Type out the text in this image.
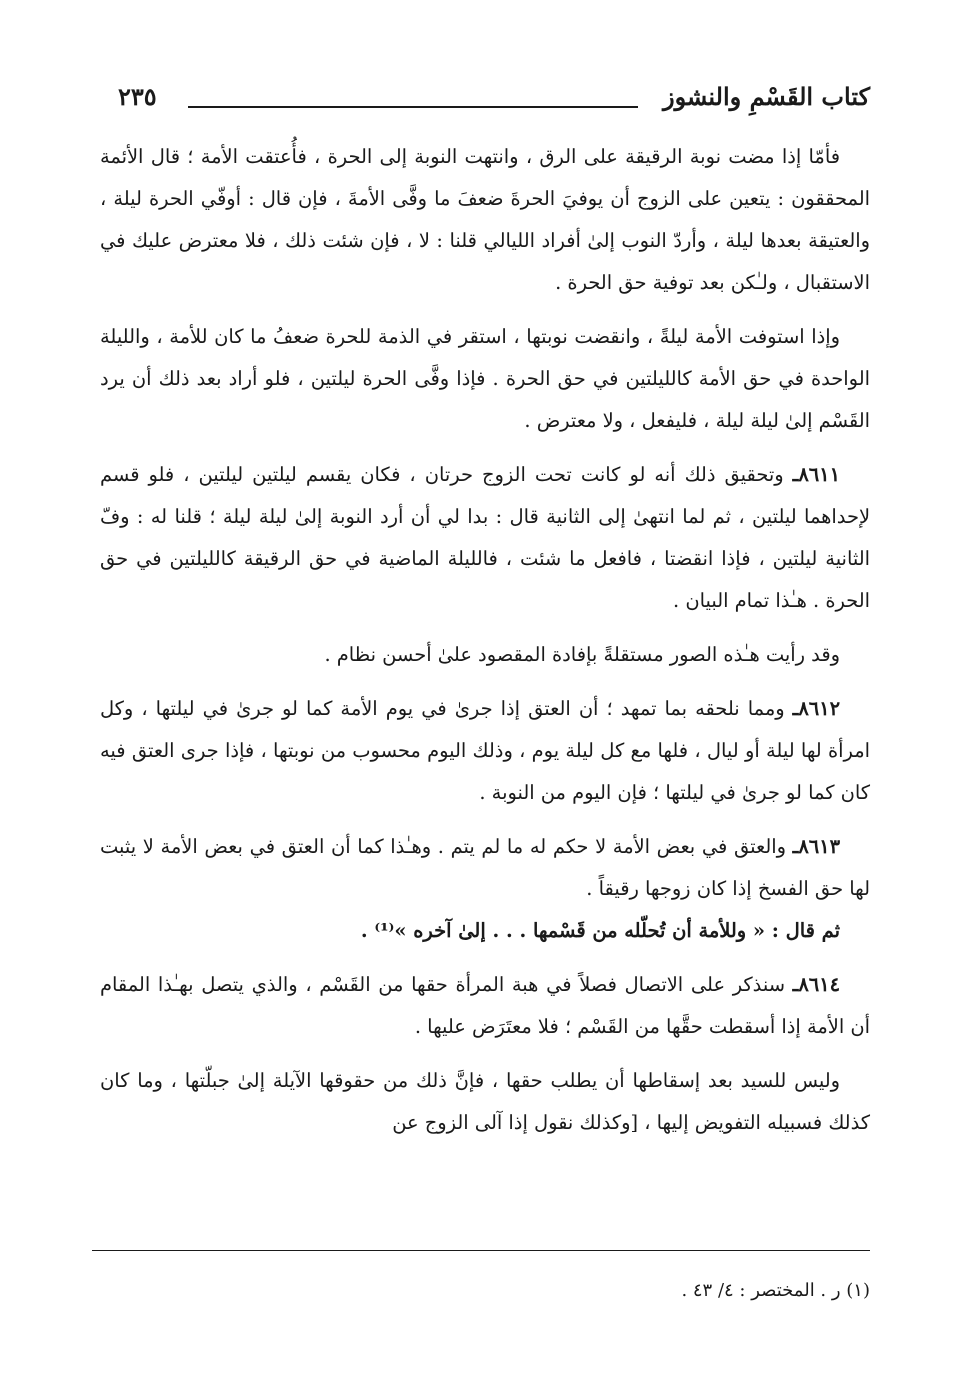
كتاب القَسْمِ والنشوز
٢٣٥

فأمّا إذا مضت نوبة الرقيقة على الرق ، وانتهت النوبة إلى الحرة ، فأُعتقت الأمة ؛ قال الأئمة المحققون : يتعين على الزوج أن يوفيَ الحرةَ ضعفَ ما وفَّى الأمةَ ، فإن قال : أوفّي الحرة ليلة ، والعتيقة بعدها ليلة ، وأردّ النوب إلىٰ أفراد الليالي قلنا : لا ، فإن شئت ذلك ، فلا معترض عليك في الاستقبال ، ولـٰكن بعد توفية حق الحرة .

وإذا استوفت الأمة ليلةً ، وانقضت نوبتها ، استقر في الذمة للحرة ضعفُ ما كان للأمة ، والليلة الواحدة في حق الأمة كالليلتين في حق الحرة . فإذا وفَّى الحرة ليلتين ، فلو أراد بعد ذلك أن يرد القَسْم إلىٰ ليلة ليلة ، فليفعل ، ولا معترض .

٨٦١١ـ وتحقيق ذلك أنه لو كانت تحت الزوج حرتان ، فكان يقسم ليلتين ليلتين ، فلو قسم لإحداهما ليلتين ، ثم لما انتهىٰ إلى الثانية قال : بدا لي أن أرد النوبة إلىٰ ليلة ليلة ؛ قلنا له : وفّ الثانية ليلتين ، فإذا انقضتا ، فافعل ما شئت ، فالليلة الماضية في حق الرقيقة كالليلتين في حق الحرة . هـٰذا تمام البيان .

وقد رأيت هـٰذه الصور مستقلةً بإفادة المقصود علىٰ أحسن نظام .

٨٦١٢ـ ومما نلحقه بما تمهد ؛ أن العتق إذا جرىٰ في يوم الأمة كما لو جرىٰ في ليلتها ، وكل امرأة لها ليلة أو ليال ، فلها مع كل ليلة يوم ، وذلك اليوم محسوب من نوبتها ، فإذا جرى العتق فيه كان كما لو جرىٰ في ليلتها ؛ فإن اليوم من النوبة .

٨٦١٣ـ والعتق في بعض الأمة لا حكم له ما لم يتم . وهـٰذا كما أن العتق في بعض الأمة لا يثبت لها حق الفسخ إذا كان زوجها رقيقاً .

ثم قال : « وللأمة أن تُحلّله من قَسْمها . . . إلىٰ آخره »⁽¹⁾ .

٨٦١٤ـ سنذكر على الاتصال فصلاً في هبة المرأة حقها من القَسْم ، والذي يتصل بهـٰذا المقام أن الأمة إذا أسقطت حقَّها من القَسْم ؛ فلا معتَرَض عليها .

وليس للسيد بعد إسقاطها أن يطلب حقها ، فإنَّ ذلك من حقوقها الآيلة إلىٰ جبلّتها ، وما كان كذلك فسبيله التفويض إليها ، [وكذلك نقول إذا آلى الزوج عن

(١) ر . المختصر : ٤/ ٤٣ .
